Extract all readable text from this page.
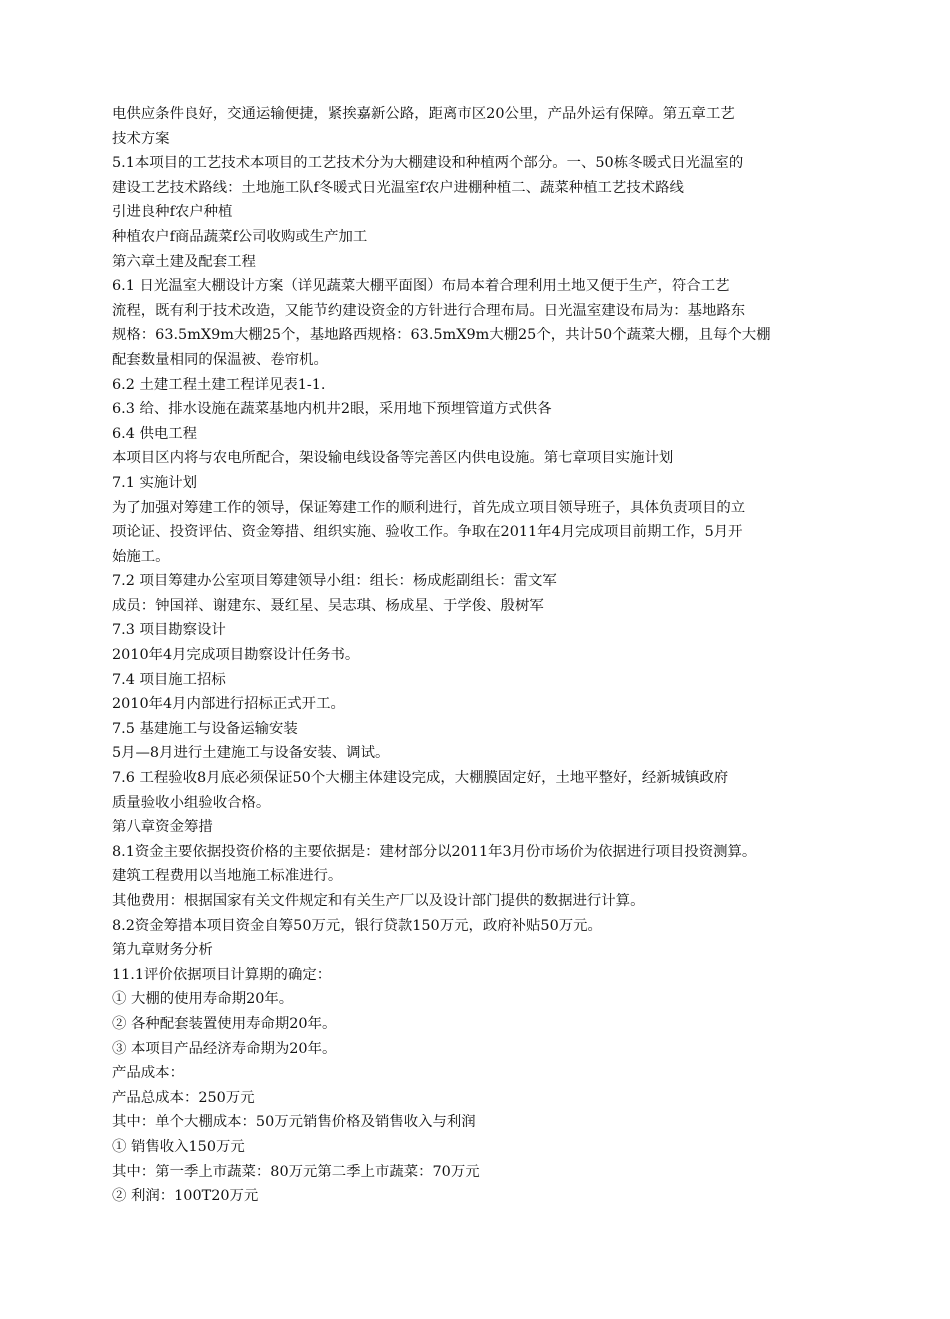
电供应条件良好，交通运输便捷，紧挨嘉新公路，距离市区20公里，产品外运有保障。第五章工艺
技术方案
5.1本项目的工艺技术本项目的工艺技术分为大棚建设和种植两个部分。一、50栋冬暖式日光温室的
建设工艺技术路线：土地施工队f冬暖式日光温室f农户进棚种植二、蔬菜种植工艺技术路线
引进良种f农户种植
种植农户f商品蔬菜f公司收购或生产加工
第六章土建及配套工程
6.1 日光温室大棚设计方案（详见蔬菜大棚平面图）布局本着合理利用土地又便于生产，符合工艺
流程，既有利于技术改造，又能节约建设资金的方针进行合理布局。日光温室建设布局为：基地路东
规格：63.5mX9m大棚25个，基地路西规格：63.5mX9m大棚25个，共计50个蔬菜大棚，且每个大棚
配套数量相同的保温被、卷帘机。
6.2 土建工程土建工程详见表1-1.
6.3 给、排水设施在蔬菜基地内机井2眼，采用地下预埋管道方式供各
6.4 供电工程
本项目区内将与农电所配合，架设输电线设备等完善区内供电设施。第七章项目实施计划
7.1 实施计划
为了加强对筹建工作的领导，保证筹建工作的顺利进行，首先成立项目领导班子，具体负责项目的立
项论证、投资评估、资金筹措、组织实施、验收工作。争取在2011年4月完成项目前期工作，5月开
始施工。
7.2 项目筹建办公室项目筹建领导小组：组长：杨成彪副组长：雷文军
成员：钟国祥、谢建东、聂红星、吴志琪、杨成星、于学俊、殷树军
7.3 项目勘察设计
2010年4月完成项目勘察设计任务书。
7.4 项目施工招标
2010年4月内部进行招标正式开工。
7.5 基建施工与设备运输安装
5月—8月进行土建施工与设备安装、调试。
7.6 工程验收8月底必须保证50个大棚主体建设完成，大棚膜固定好，土地平整好，经新城镇政府
质量验收小组验收合格。
第八章资金筹措
8.1资金主要依据投资价格的主要依据是：建材部分以2011年3月份市场价为依据进行项目投资测算。
建筑工程费用以当地施工标准进行。
其他费用：根据国家有关文件规定和有关生产厂以及设计部门提供的数据进行计算。
8.2资金筹措本项目资金自筹50万元，银行贷款150万元，政府补贴50万元。
第九章财务分析
11.1评价依据项目计算期的确定：
① 大棚的使用寿命期20年。
② 各种配套装置使用寿命期20年。
③ 本项目产品经济寿命期为20年。
产品成本：
产品总成本：250万元
其中：单个大棚成本：50万元销售价格及销售收入与利润
① 销售收入150万元
其中：第一季上市蔬菜：80万元第二季上市蔬菜：70万元
② 利润：100T20万元
